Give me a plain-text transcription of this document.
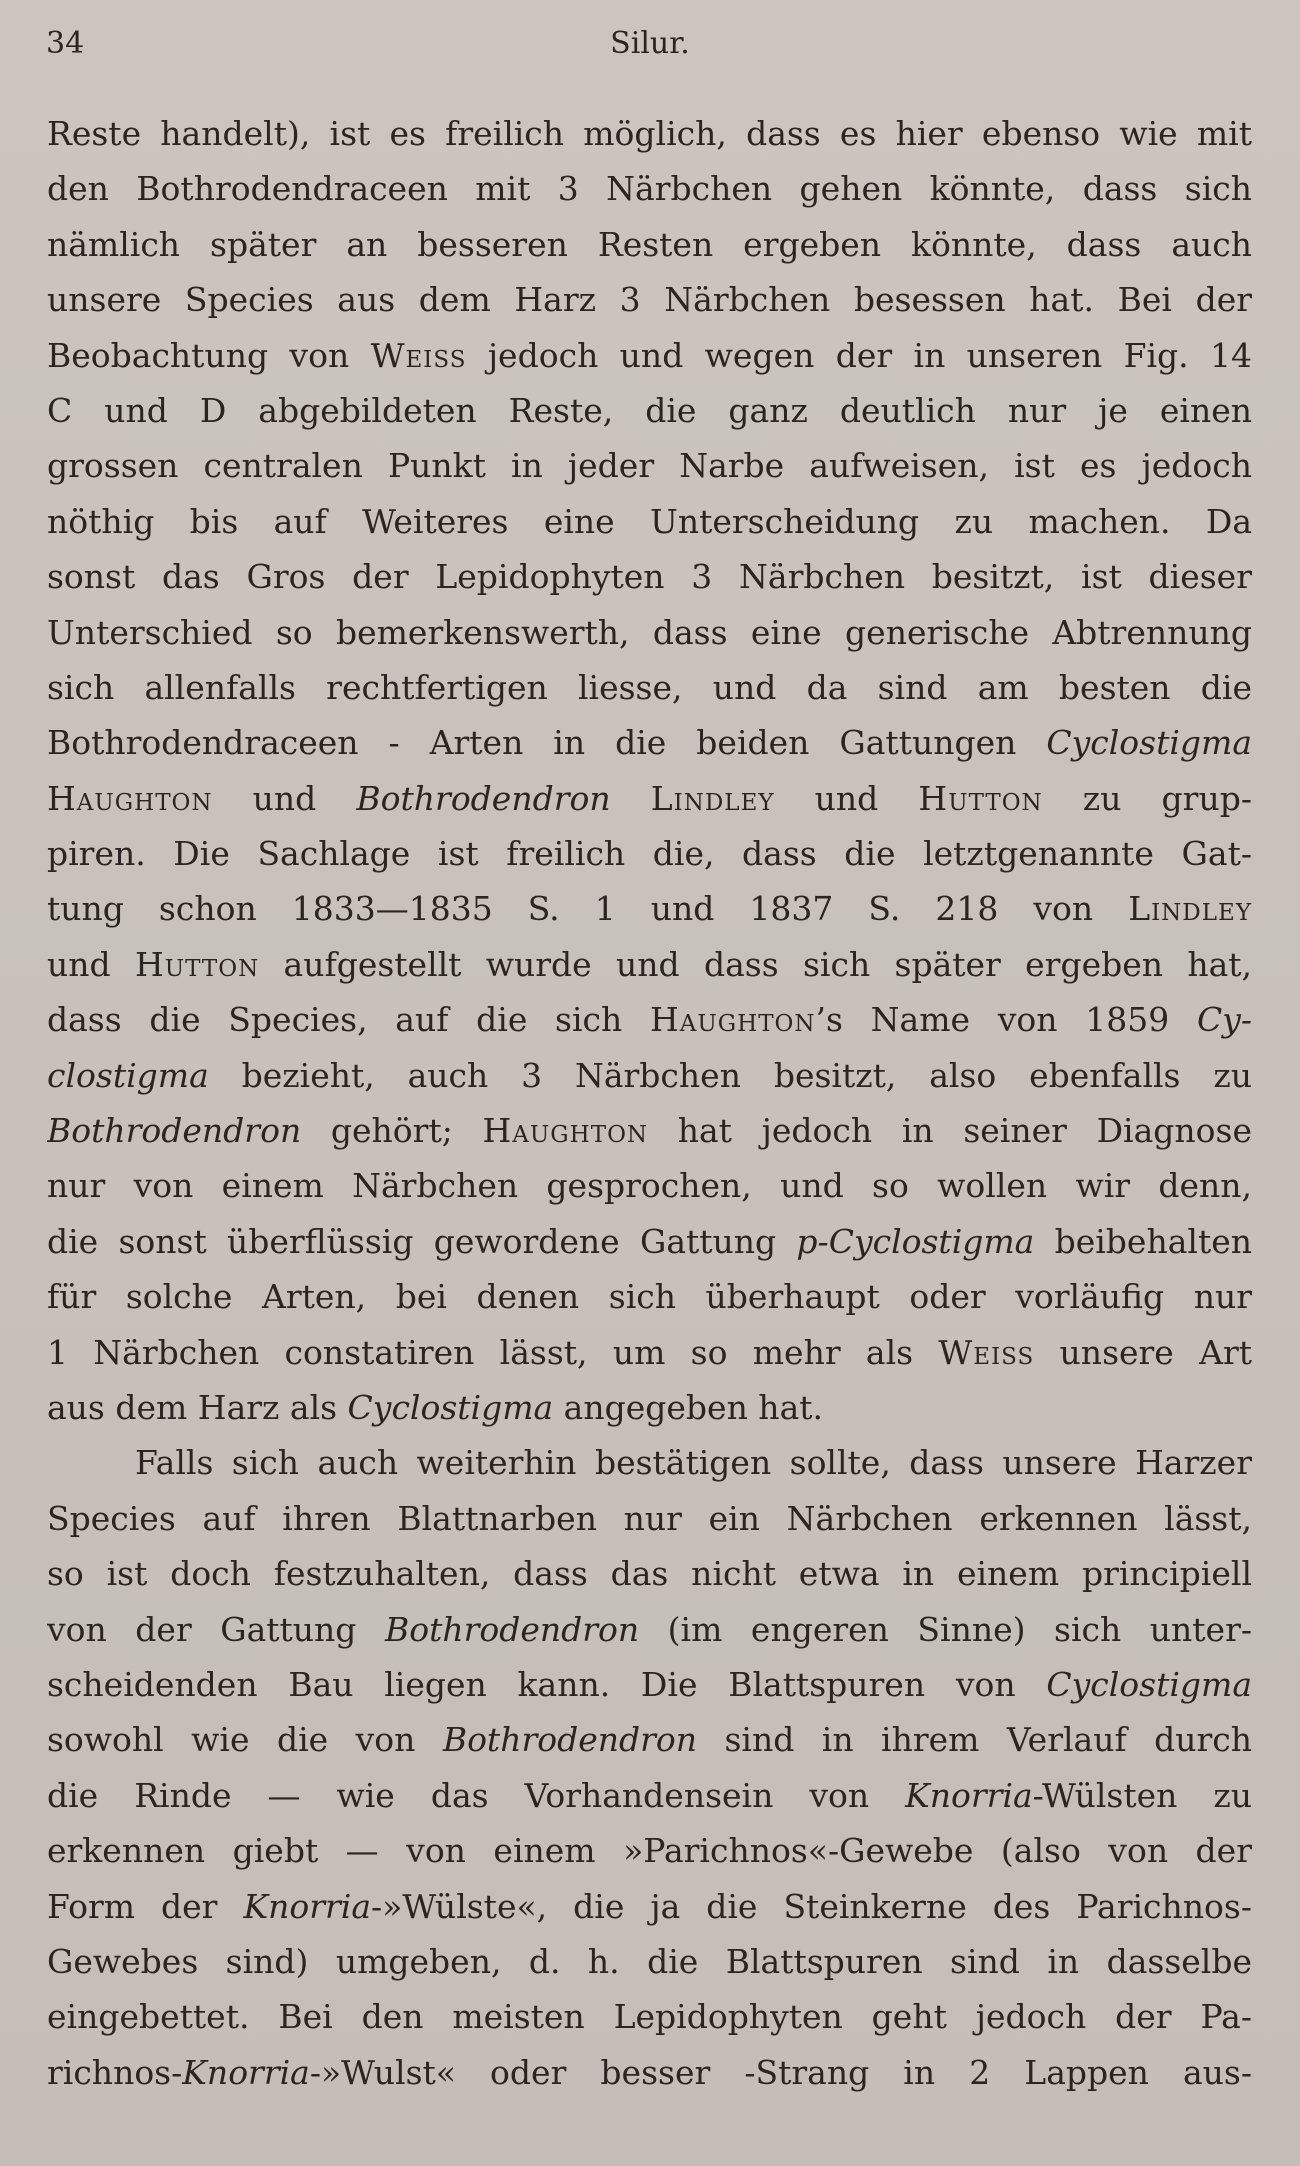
34	Silur.
Reste handelt), ist es freilich möglich, dass es hier ebenso wie mit
den Bothrodendraceen mit 3 Närbchen gehen könnte, dass sich
nämlich später an besseren Resten ergeben könnte, dass auch
unsere Species aus dem Harz 3 Närbchen besessen hat. Bei der
Beobachtung von Weiss jedoch und wegen der in unseren Fig. 14
C und D abgebildeten Reste, die ganz deutlich nur je einen
grossen centralen Punkt in jeder Narbe aufweisen, ist es jedoch
nöthig bis auf Weiteres eine Unterscheidung zu machen. Da
sonst das Gros der Lepidophyten 3 Närbchen besitzt, ist dieser
Unterschied so bemerkenswerth, dass eine generische Abtrennung
sich allenfalls rechtfertigen liesse, und da sind am besten die
Bothrodendraceen - Arten in die beiden Gattungen Cyclostigma
Haughton und Bothrodendron Lindley und Hutton zu grup-
piren. Die Sachlage ist freilich die, dass die letztgenannte Gat-
tung schon 1833—1835 S. 1 und 1837 S. 218 von Lindley
und Hutton aufgestellt wurde und dass sich später ergeben hat,
dass die Species, auf die sich Haughton’s Name von 1859 Cy-
clostigma bezieht, auch 3 Närbchen besitzt, also ebenfalls zu
Bothrodendron gehört; Haughton hat jedoch in seiner Diagnose
nur von einem Närbchen gesprochen, und so wollen wir denn,
die sonst überflüssig gewordene Gattung p-Cyclostigma beibehalten
für solche Arten, bei denen sich überhaupt oder vorläufig nur
1 Närbchen constatiren lässt, um so mehr als Weiss unsere Art
aus dem Harz als Cyclostigma angegeben hat.
Falls sich auch weiterhin bestätigen sollte, dass unsere Harzer
Species auf ihren Blattnarben nur ein Närbchen erkennen lässt,
so ist doch festzuhalten, dass das nicht etwa in einem principiell
von der Gattung Bothrodendron (im engeren Sinne) sich unter-
scheidenden Bau liegen kann. Die Blattspuren von Cyclostigma
sowohl wie die von Bothrodendron sind in ihrem Verlauf durch
die Rinde — wie das Vorhandensein von Knorria-Wülsten zu
erkennen giebt — von einem »Parichnos«-Gewebe (also von der
Form der Knorria-»Wülste«, die ja die Steinkerne des Parichnos-
Gewebes sind) umgeben, d. h. die Blattspuren sind in dasselbe
eingebettet. Bei den meisten Lepidophyten geht jedoch der Pa-
richnos-Knorria-»Wulst« oder besser -Strang in 2 Lappen aus-
